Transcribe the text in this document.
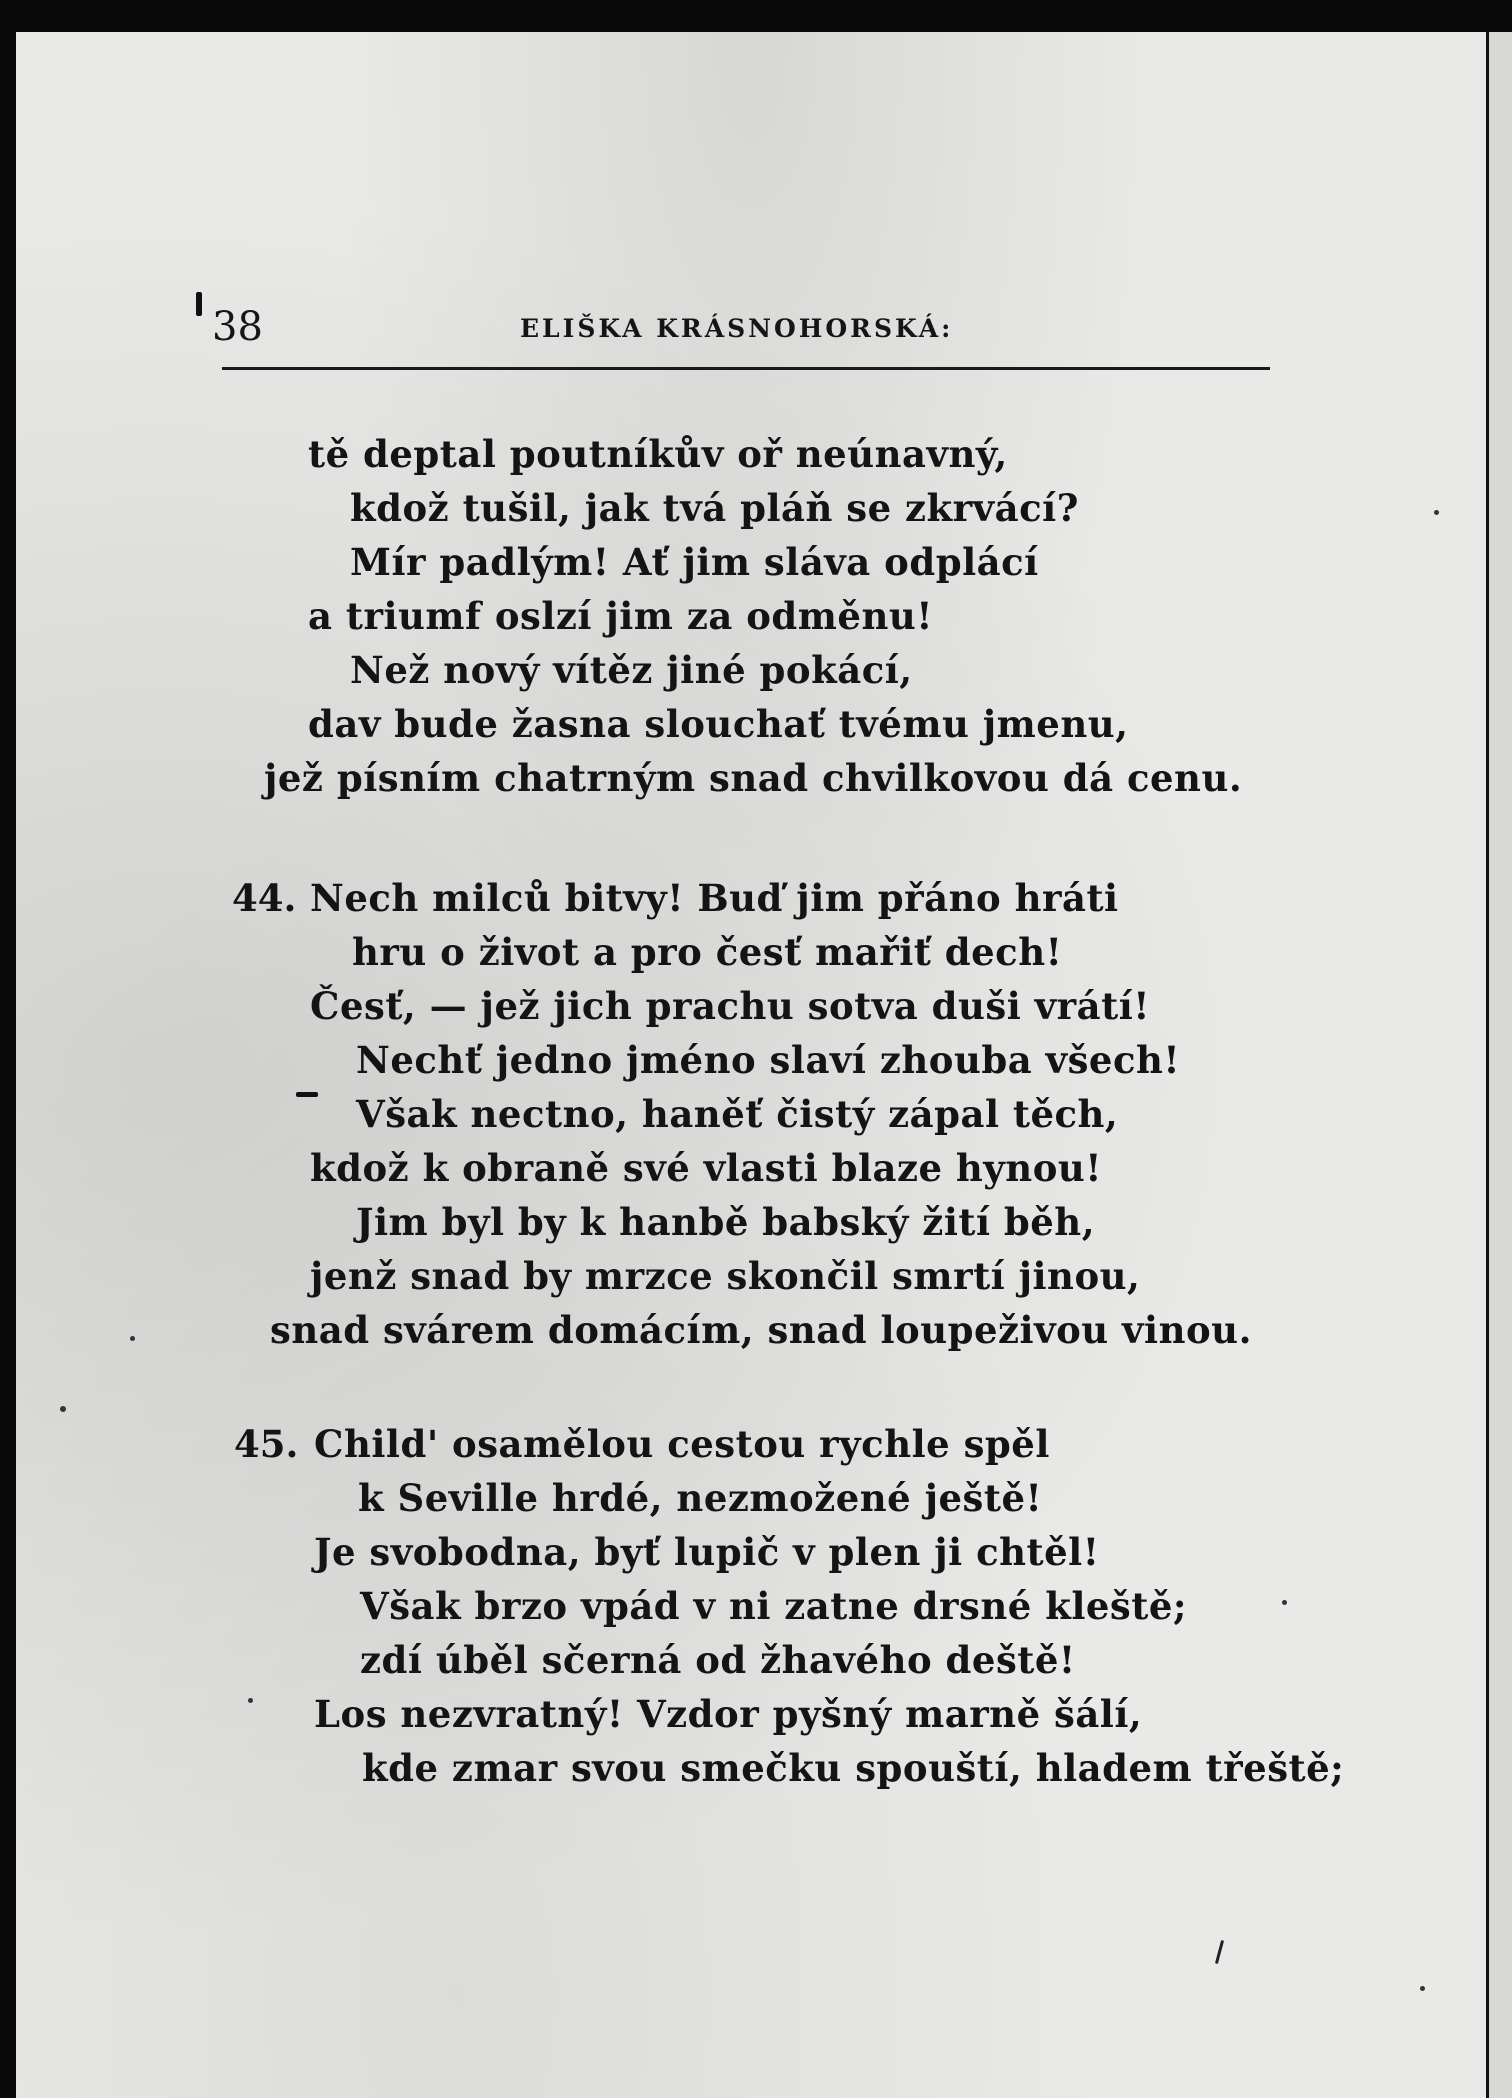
38	ELIŠKA KRÁSNOHORSKÁ:
tě deptal poutníkův oř neúnavný,
kdož tušil, jak tvá pláň se zkrvácí?
Mír padlým! Ať jim sláva odplácí
a triumf oslzí jim za odměnu!
Než nový vítěz jiné pokácí,
dav bude žasna slouchať tvému jmenu,
jež písním chatrným snad chvilkovou dá cenu.
44. Nech milců bitvy! Buď jim přáno hráti
hru o život a pro česť mařiť dech!
Česť, — jež jich prachu sotva duši vrátí!
Nechť jedno jméno slaví zhouba všech!
Však nectno, haněť čistý zápal těch,
kdož k obraně své vlasti blaze hynou!
Jim byl by k hanbě babský žití běh,
jenž snad by mrzce skončil smrtí jinou,
snad svárem domácím, snad loupeživou vinou.
45. Child' osamělou cestou rychle spěl
k Seville hrdé, nezmožené ještě!
Je svobodna, byť lupič v plen ji chtěl!
Však brzo vpád v ni zatne drsné kleště;
zdí úběl sčerná od žhavého deště!
Los nezvratný! Vzdor pyšný marně šálí,
kde zmar svou smečku spouští, hladem třeště;
